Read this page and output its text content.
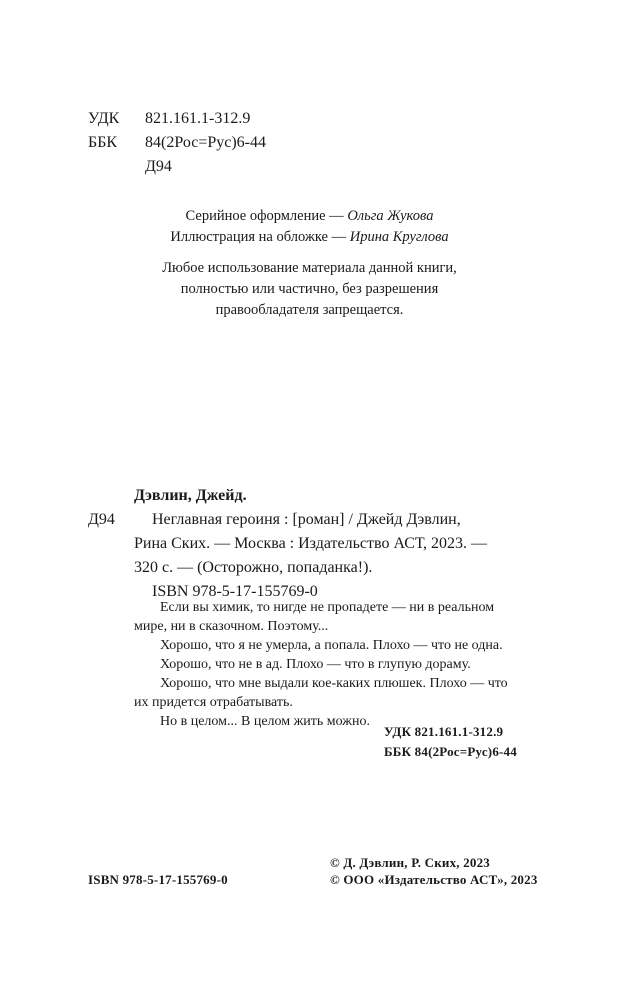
УДК 821.161.1-312.9
ББК 84(2Рос=Рус)6-44
Д94
Серийное оформление — Ольга Жукова
Иллюстрация на обложке — Ирина Круглова
Любое использование материала данной книги,
полностью или частично, без разрешения
правообладателя запрещается.
Дэвлин, Джейд.
Д94 Неглавная героиня : [роман] / Джейд Дэвлин,
Рина Ских. — Москва : Издательство АСТ, 2023. —
320 с. — (Осторожно, попаданка!).
ISBN 978-5-17-155769-0
Если вы химик, то нигде не пропадете — ни в реальном
мире, ни в сказочном. Поэтому...
Хорошо, что я не умерла, а попала. Плохо — что не одна.
Хорошо, что не в ад. Плохо — что в глупую дораму.
Хорошо, что мне выдали кое-каких плюшек. Плохо — что
их придется отрабатывать.
Но в целом... В целом жить можно.
УДК 821.161.1-312.9
ББК 84(2Рос=Рус)6-44
© Д. Дэвлин, Р. Ских, 2023
ISBN 978-5-17-155769-0	© ООО «Издательство АСТ», 2023
